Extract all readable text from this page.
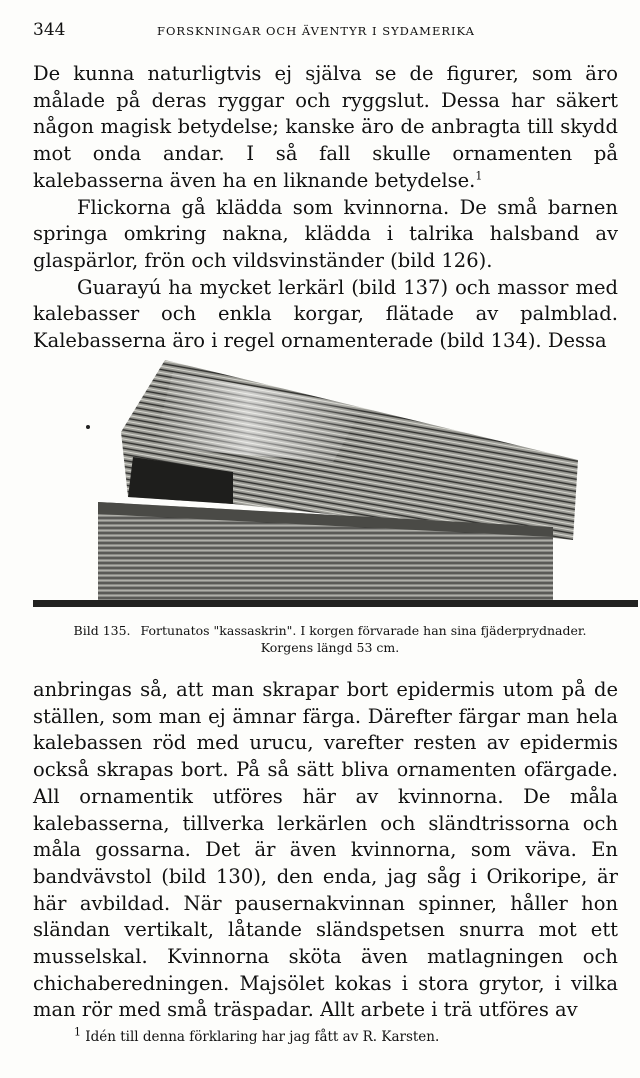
344	FORSKNINGAR OCH ÄVENTYR I SYDAMERIKA
De kunna naturligtvis ej själva se de figurer, som äro målade på deras ryggar och ryggslut. Dessa har säkert någon magisk betydelse; kanske äro de anbragta till skydd mot onda andar. I så fall skulle ornamenten på kalebasserna även ha en liknande betydelse.$^1$
Flickorna gå klädda som kvinnorna. De små barnen springa omkring nakna, klädda i talrika halsband av glaspärlor, frön och vildsvinständer (bild 126).
Guarayú ha mycket lerkärl (bild 137) och massor med kalebasser och enkla korgar, flätade av palmblad. Kalebasserna äro i regel ornamenterade (bild 134). Dessa
Bild 135. Fortunatos "kassaskrin". I korgen förvarade han sina fjäderprydnader. Korgens längd 53 cm.

anbringas så, att man skrapar bort epidermis utom på de ställen, som man ej ämnar färga. Därefter färgar man hela kalebassen röd med urucu, varefter resten av epidermis också skrapas bort. På så sätt bliva ornamenten ofärgade. All ornamentik utföres här av kvinnorna. De måla kalebasserna, tillverka lerkärlen och sländtrissorna och måla gossarna. Det är även kvinnorna, som väva. En bandvävstol (bild 130), den enda, jag såg i Orikoripe, är här avbildad. När pausernakvinnan spinner, håller hon sländan vertikalt, låtande sländspetsen snurra mot ett musselskal. Kvinnorna sköta även matlagningen och chichaberedningen. Majsölet kokas i stora grytor, i vilka man rör med små träspadar. Allt arbete i trä utföres av

$^1$ Idén till denna förklaring har jag fått av R. Karsten.
